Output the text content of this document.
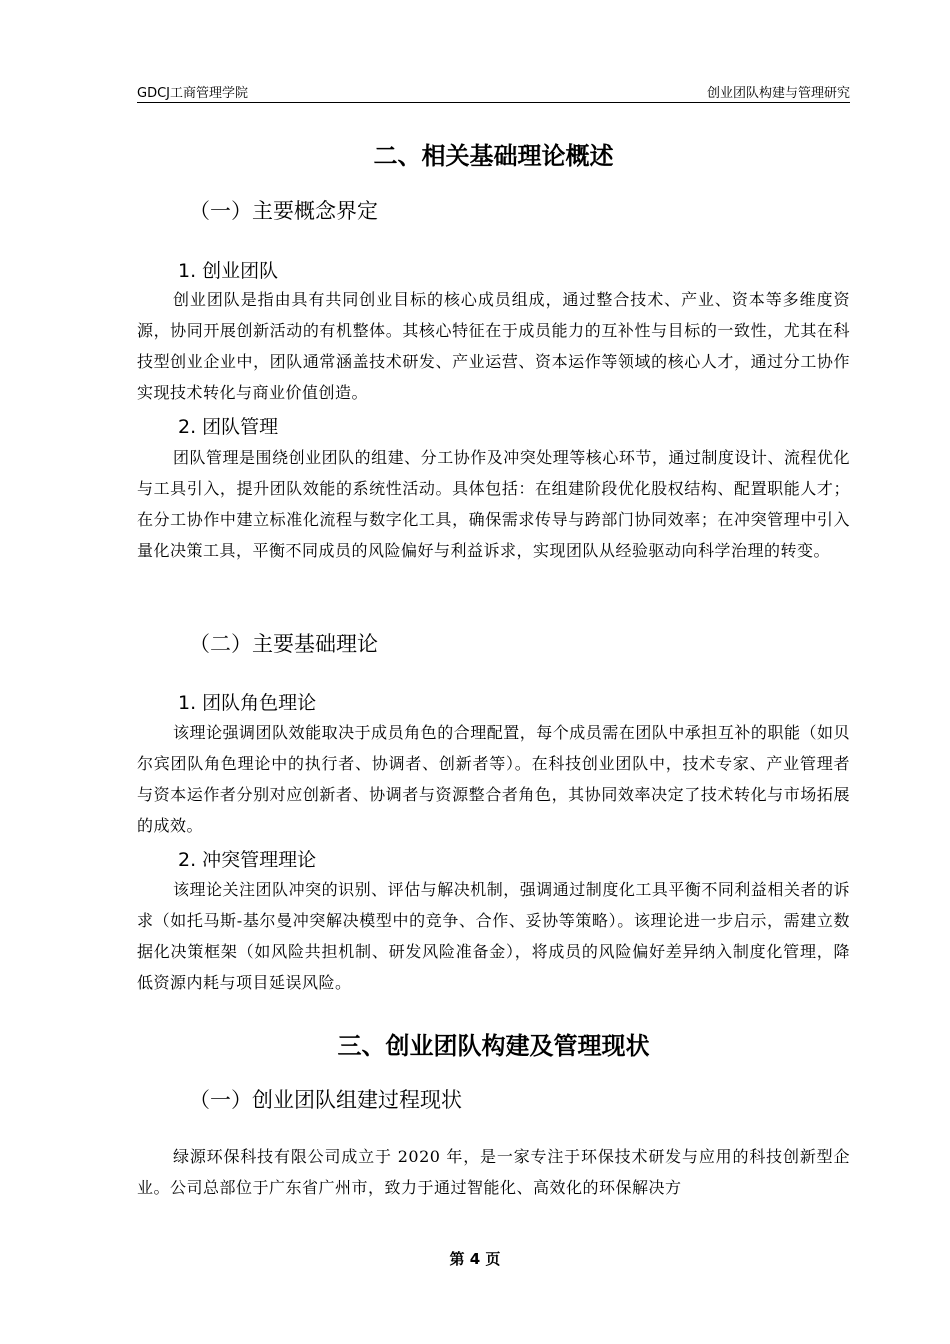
GDCJ工商管理学院	创业团队构建与管理研究
二、相关基础理论概述
（一）主要概念界定
1. 创业团队

创业团队是指由具有共同创业目标的核心成员组成，通过整合技术、产业、资本等多维度资源，协同开展创新活动的有机整体。其核心特征在于成员能力的互补性与目标的一致性，尤其在科技型创业企业中，团队通常涵盖技术研发、产业运营、资本运作等领域的核心人才，通过分工协作实现技术转化与商业价值创造。

2. 团队管理

团队管理是围绕创业团队的组建、分工协作及冲突处理等核心环节，通过制度设计、流程优化与工具引入，提升团队效能的系统性活动。具体包括：在组建阶段优化股权结构、配置职能人才；在分工协作中建立标准化流程与数字化工具，确保需求传导与跨部门协同效率；在冲突管理中引入量化决策工具，平衡不同成员的风险偏好与利益诉求，实现团队从经验驱动向科学治理的转变。

（二）主要基础理论
1. 团队角色理论

该理论强调团队效能取决于成员角色的合理配置，每个成员需在团队中承担互补的职能（如贝尔宾团队角色理论中的执行者、协调者、创新者等）。在科技创业团队中，技术专家、产业管理者与资本运作者分别对应创新者、协调者与资源整合者角色，其协同效率决定了技术转化与市场拓展的成效。

2. 冲突管理理论

该理论关注团队冲突的识别、评估与解决机制，强调通过制度化工具平衡不同利益相关者的诉求（如托马斯-基尔曼冲突解决模型中的竞争、合作、妥协等策略）。该理论进一步启示，需建立数据化决策框架（如风险共担机制、研发风险准备金），将成员的风险偏好差异纳入制度化管理，降低资源内耗与项目延误风险。

三、创业团队构建及管理现状
（一）创业团队组建过程现状

绿源环保科技有限公司成立于 2020 年，是一家专注于环保技术研发与应用的科技创新型企业。公司总部位于广东省广州市，致力于通过智能化、高效化的环保解决方

第 4 页
